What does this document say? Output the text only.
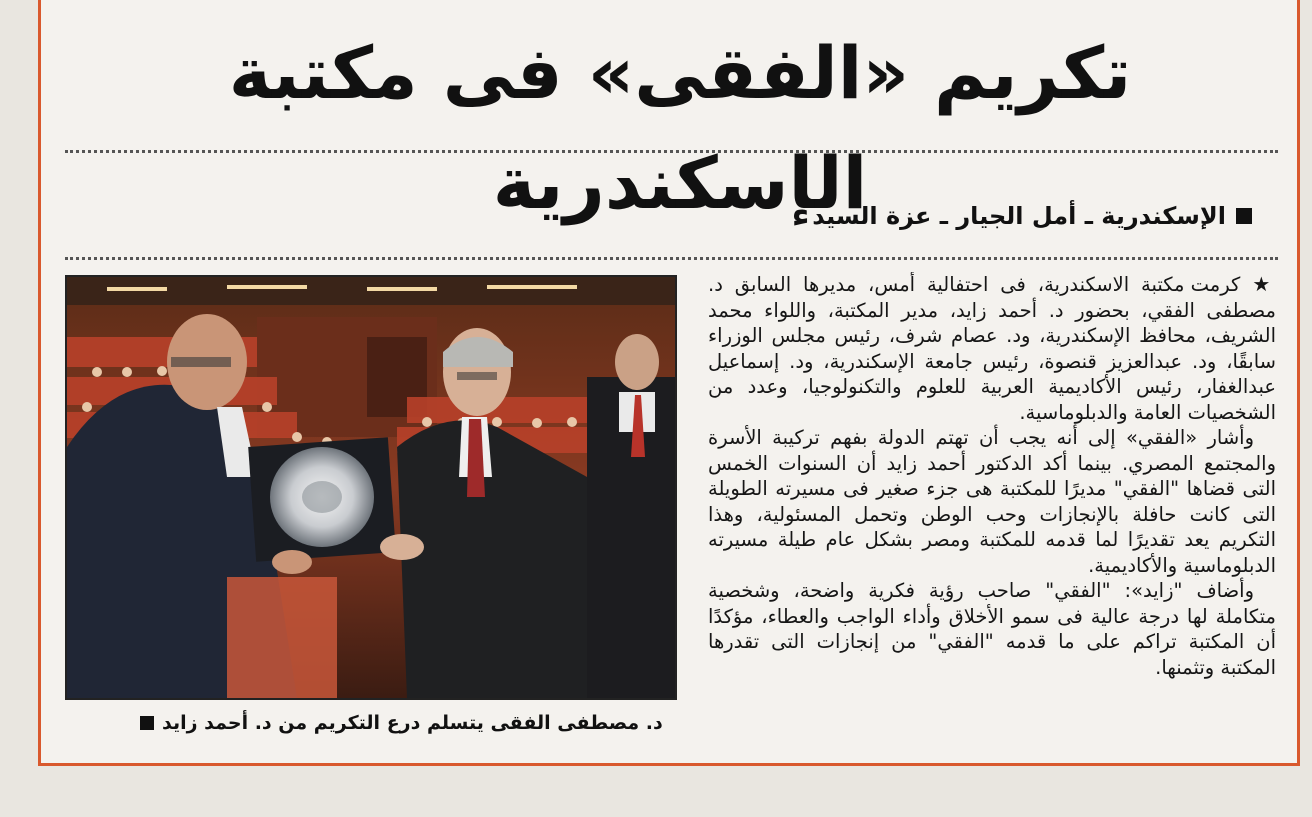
تكريم «الفقى» فى مكتبة الإسكندرية
الإسكندرية ـ أمل الجيار ـ عزة السيد
د. مصطفى الفقى يتسلم درع التكريم من د. أحمد زايد

★ كرمت مكتبة الاسكندرية، فى احتفالية أمس، مديرها السابق د. مصطفى الفقي، بحضور د. أحمد زايد، مدير المكتبة، واللواء محمد الشريف، محافظ الإسكندرية، ود. عصام شرف، رئيس مجلس الوزراء سابقًا، ود. عبدالعزيز قنصوة، رئيس جامعة الإسكندرية، ود. إسماعيل عبدالغفار، رئيس الأكاديمية العربية للعلوم والتكنولوجيا، وعدد من الشخصيات العامة والدبلوماسية.

وأشار «الفقي» إلى أنه يجب أن تهتم الدولة بفهم تركيبة الأسرة والمجتمع المصري. بينما أكد الدكتور أحمد زايد أن السنوات الخمس التى قضاها "الفقي" مديرًا للمكتبة هى جزء صغير فى مسيرته الطويلة التى كانت حافلة بالإنجازات وحب الوطن وتحمل المسئولية، وهذا التكريم يعد تقديرًا لما قدمه للمكتبة ومصر بشكل عام طيلة مسيرته الدبلوماسية والأكاديمية.

وأضاف "زايد»: "الفقي" صاحب رؤية فكرية واضحة، وشخصية متكاملة لها درجة عالية فى سمو الأخلاق وأداء الواجب والعطاء، مؤكدًا أن المكتبة تراكم على ما قدمه "الفقي" من إنجازات التى تقدرها المكتبة وتثمنها.
